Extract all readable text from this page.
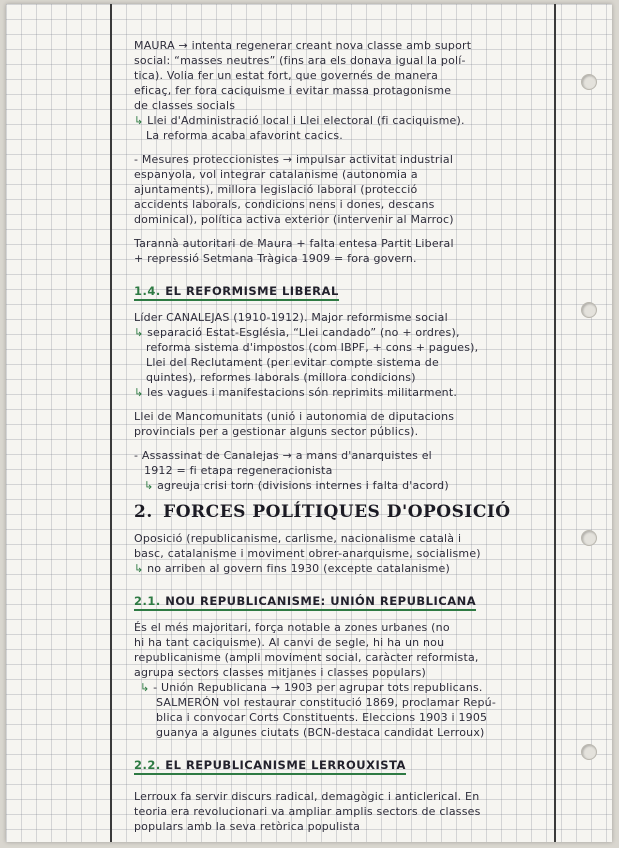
MAURA → intenta regenerar creant nova classe amb suport
social: “masses neutres” (fins ara els donava igual la polí-
tica). Volia fer un estat fort, que governés de manera
eficaç, fer fora caciquisme i evitar massa protagonisme
de classes socials
↳ Llei d'Administració local i Llei electoral (fi caciquisme).
La reforma acaba afavorint cacics.
- Mesures proteccionistes → impulsar activitat industrial
espanyola, vol integrar catalanisme (autonomia a
ajuntaments), millora legislació laboral (protecció
accidents laborals, condicions nens i dones, descans
dominical), política activa exterior (intervenir al Marroc)
Tarannà autoritari de Maura + falta entesa Partit Liberal
+ repressió Setmana Tràgica 1909 = fora govern.
1.4. EL REFORMISME LIBERAL
Líder CANALEJAS (1910-1912). Major reformisme social
↳ separació Estat-Església, “Llei candado” (no + ordres),
reforma sistema d'impostos (com IBPF, + cons + pagues),
Llei del Reclutament (per evitar compte sistema de
quintes), reformes laborals (millora condicions)
↳ les vagues i manifestacions són reprimits militarment.
Llei de Mancomunitats (unió i autonomia de diputacions
provincials per a gestionar alguns sector públics).
- Assassinat de Canalejas → a mans d'anarquistes el
1912 = fi etapa regeneracionista
↳ agreuja crisi torn (divisions internes i falta d'acord)
2. FORCES POLÍTIQUES D'OPOSICIÓ
Oposició (republicanisme, carlisme, nacionalisme català i
basc, catalanisme i moviment obrer-anarquisme, socialisme)
↳ no arriben al govern fins 1930 (excepte catalanisme)
2.1. NOU REPUBLICANISME: UNIÓN REPUBLICANA
És el més majoritari, força notable a zones urbanes (no
hi ha tant caciquisme). Al canvi de segle, hi ha un nou
republicanisme (ampli moviment social, caràcter reformista,
agrupa sectors classes mitjanes i classes populars)
↳ - Unión Republicana → 1903 per agrupar tots republicans.
SALMERÓN vol restaurar constitució 1869, proclamar Repú-
blica i convocar Corts Constituents. Eleccions 1903 i 1905
guanya a algunes ciutats (BCN-destaca candidat Lerroux)
2.2. EL REPUBLICANISME LERROUXISTA
Lerroux fa servir discurs radical, demagògic i anticlerical. En
teoria era revolucionari va ampliar amplis sectors de classes
populars amb la seva retòrica populista
